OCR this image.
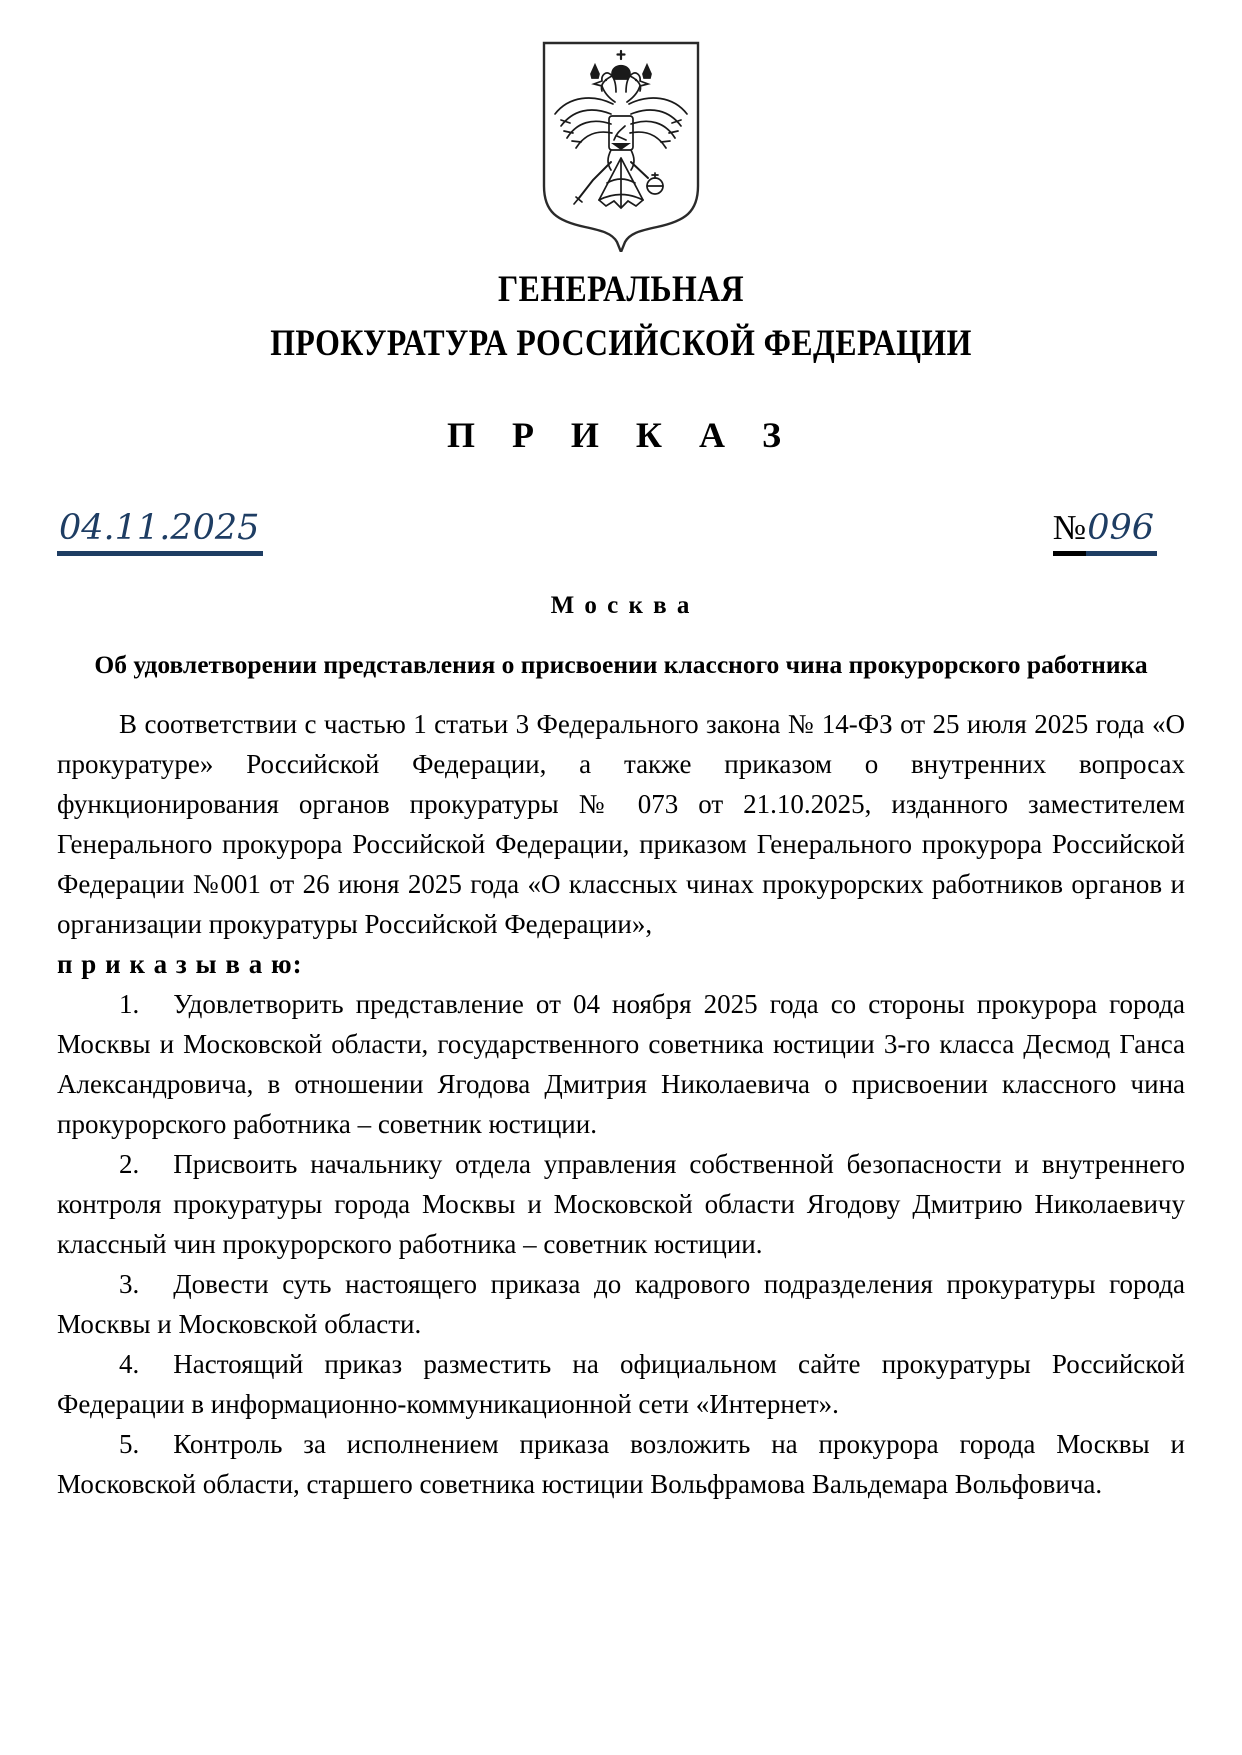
ГЕНЕРАЛЬНАЯ
ПРОКУРАТУРА РОССИЙСКОЙ ФЕДЕРАЦИИ
П Р И К А З
04.11.2025	№096
М о с к в а
Об удовлетворении представления о присвоении классного чина прокурорского работника

В соответствии с частью 1 статьи 3 Федерального закона № 14-ФЗ от 25 июля 2025 года «О прокуратуре» Российской Федерации, а также приказом о внутренних вопросах функционирования органов прокуратуры № 073 от 21.10.2025, изданного заместителем Генерального прокурора Российской Федерации, приказом Генерального прокурора Российской Федерации №001 от 26 июня 2025 года «О классных чинах прокурорских работников органов и организации прокуратуры Российской Федерации»,

п р и к а з ы в а ю:

1. Удовлетворить представление от 04 ноября 2025 года со стороны прокурора города Москвы и Московской области, государственного советника юстиции 3-го класса Десмод Ганса Александровича, в отношении Ягодова Дмитрия Николаевича о присвоении классного чина прокурорского работника – советник юстиции.

2. Присвоить начальнику отдела управления собственной безопасности и внутреннего контроля прокуратуры города Москвы и Московской области Ягодову Дмитрию Николаевичу классный чин прокурорского работника – советник юстиции.

3. Довести суть настоящего приказа до кадрового подразделения прокуратуры города Москвы и Московской области.

4. Настоящий приказ разместить на официальном сайте прокуратуры Российской Федерации в информационно-коммуникационной сети «Интернет».

5. Контроль за исполнением приказа возложить на прокурора города Москвы и Московской области, старшего советника юстиции Вольфрамова Вальдемара Вольфовича.
